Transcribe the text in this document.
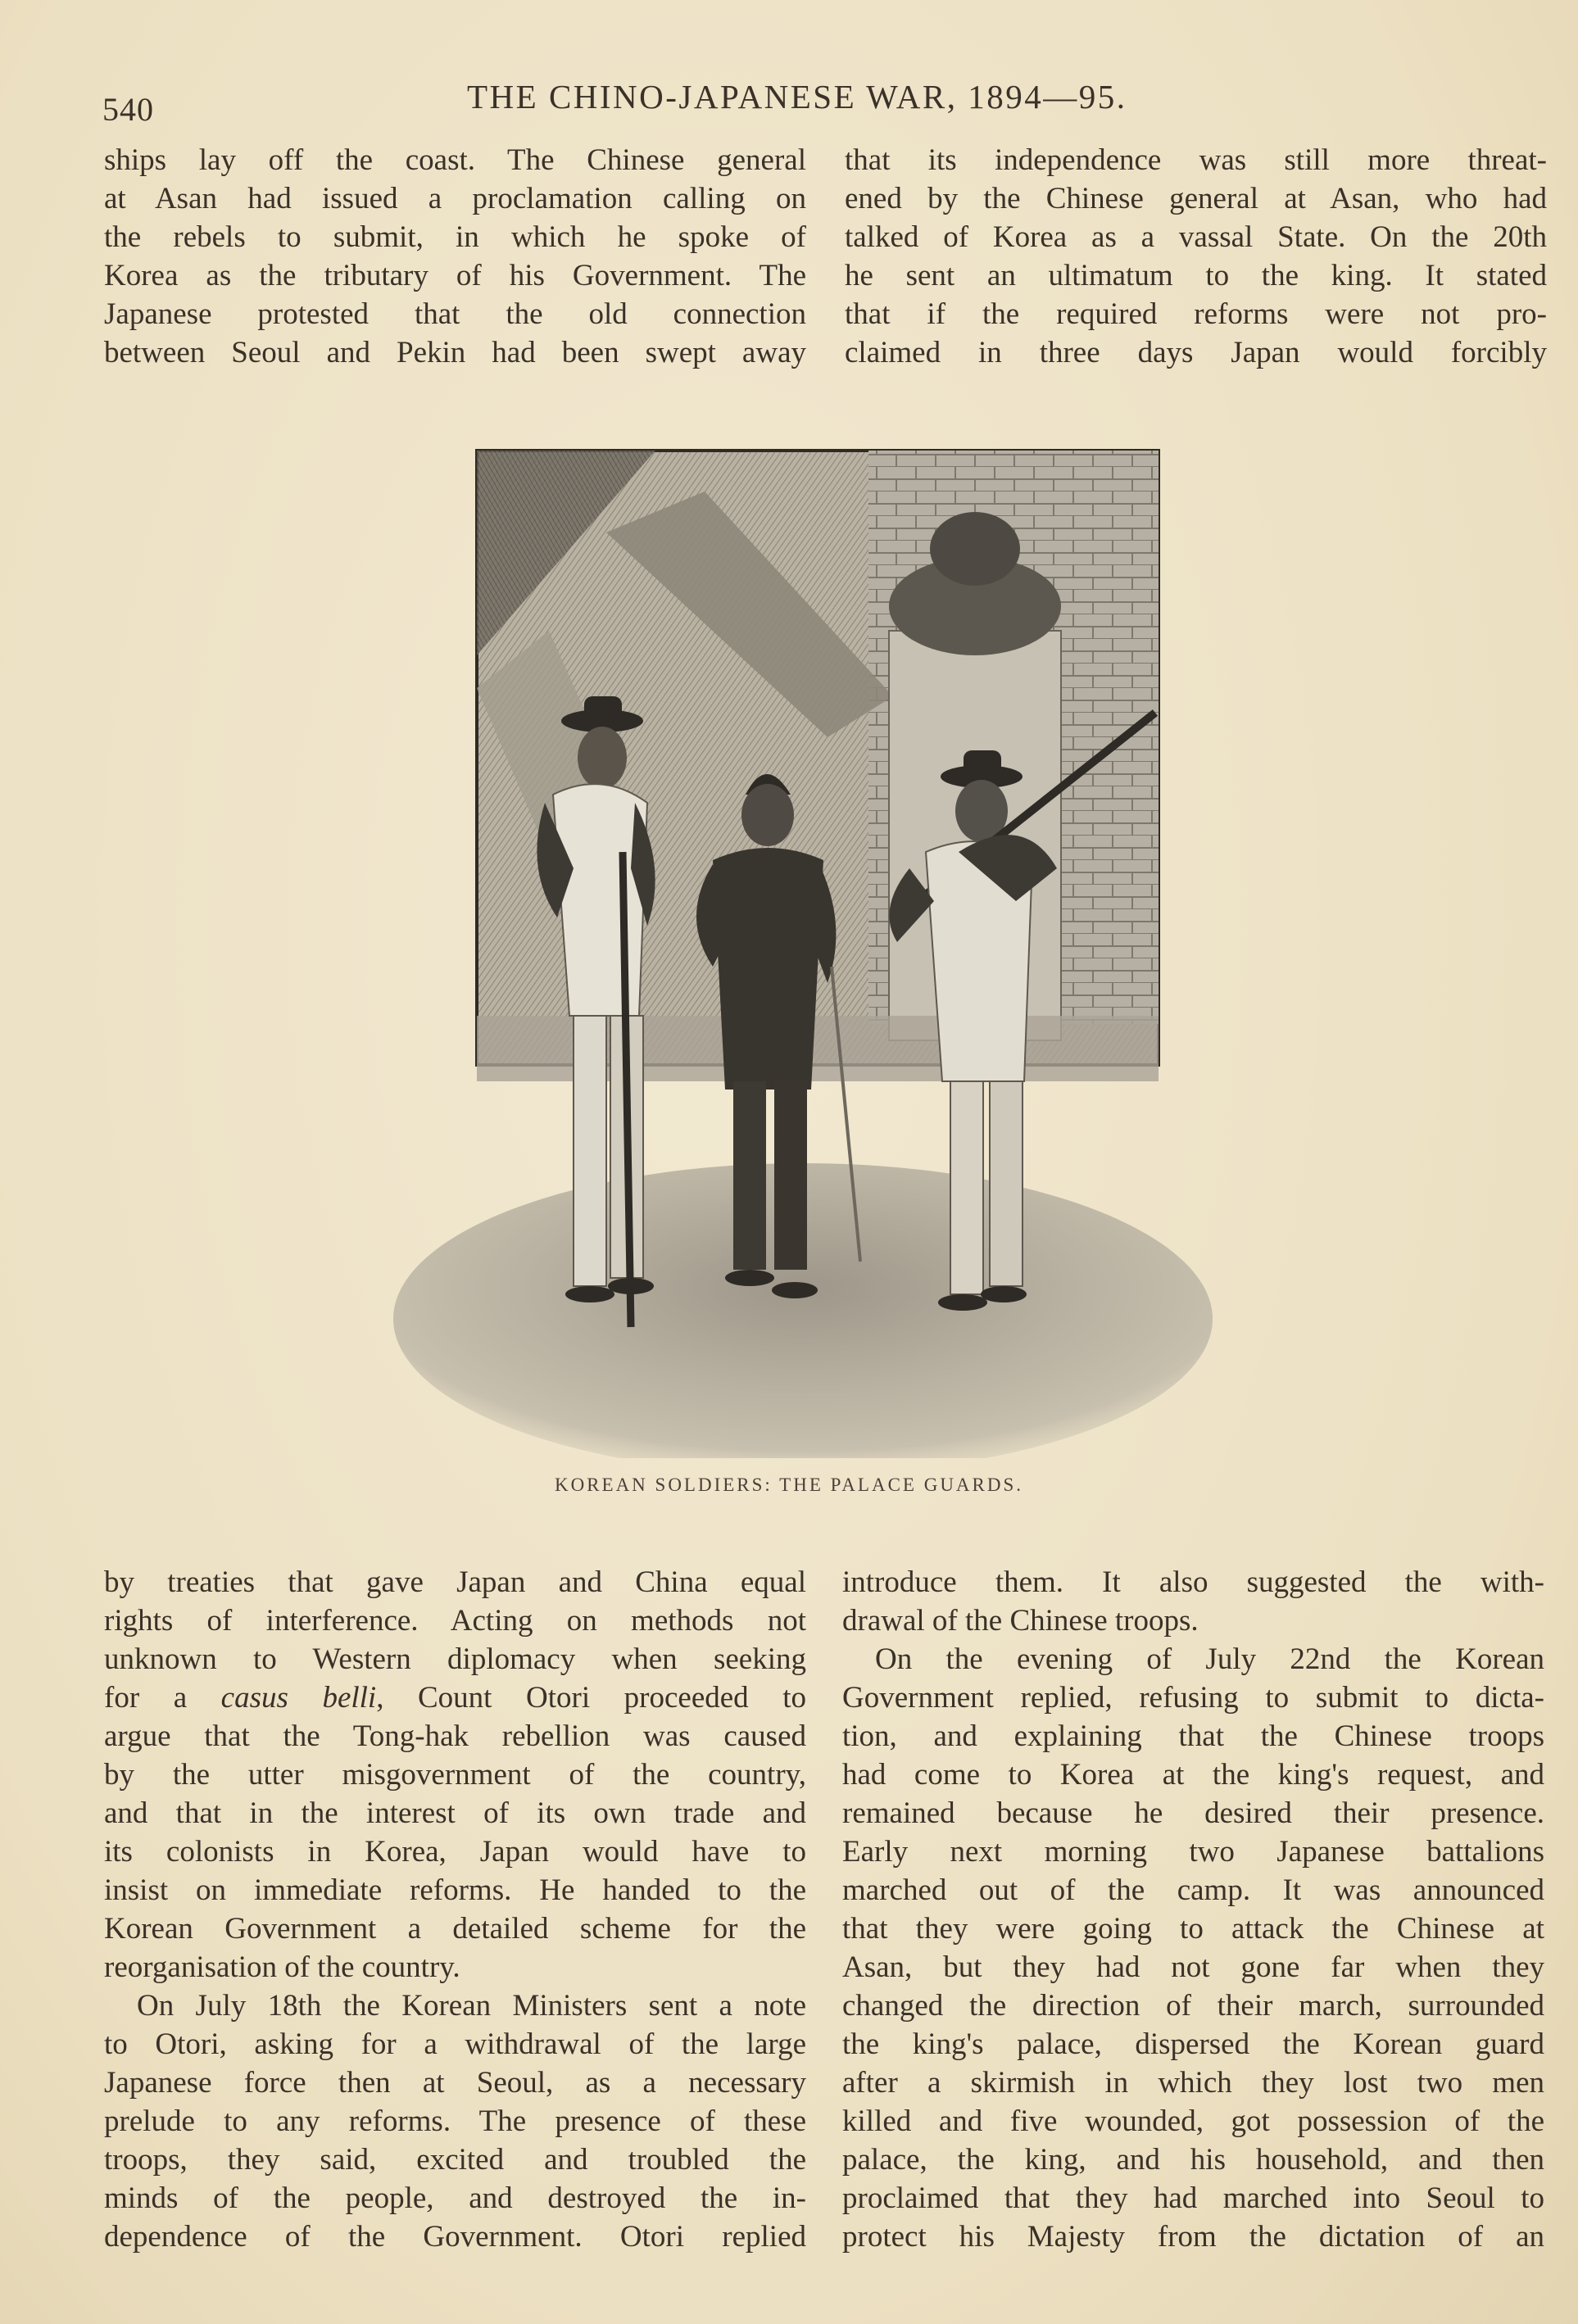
540	THE CHINO-JAPANESE WAR, 1894—95.
ships lay off the coast. The Chinese general
at Asan had issued a proclamation calling on
the rebels to submit, in which he spoke of
Korea as the tributary of his Government. The
Japanese protested that the old connection
between Seoul and Pekin had been swept away
that its independence was still more threat-
ened by the Chinese general at Asan, who had
talked of Korea as a vassal State. On the 20th
he sent an ultimatum to the king. It stated
that if the required reforms were not pro-
claimed in three days Japan would forcibly
KOREAN SOLDIERS: THE PALACE GUARDS.
by treaties that gave Japan and China equal
rights of interference. Acting on methods not
unknown to Western diplomacy when seeking
for a casus belli, Count Otori proceeded to
argue that the Tong-hak rebellion was caused
by the utter misgovernment of the country,
and that in the interest of its own trade and
its colonists in Korea, Japan would have to
insist on immediate reforms. He handed to the
Korean Government a detailed scheme for the
reorganisation of the country.
On July 18th the Korean Ministers sent a note
to Otori, asking for a withdrawal of the large
Japanese force then at Seoul, as a necessary
prelude to any reforms. The presence of these
troops, they said, excited and troubled the
minds of the people, and destroyed the in-
dependence of the Government. Otori replied
introduce them. It also suggested the with-
drawal of the Chinese troops.
On the evening of July 22nd the Korean
Government replied, refusing to submit to dicta-
tion, and explaining that the Chinese troops
had come to Korea at the king's request, and
remained because he desired their presence.
Early next morning two Japanese battalions
marched out of the camp. It was announced
that they were going to attack the Chinese at
Asan, but they had not gone far when they
changed the direction of their march, surrounded
the king's palace, dispersed the Korean guard
after a skirmish in which they lost two men
killed and five wounded, got possession of the
palace, the king, and his household, and then
proclaimed that they had marched into Seoul to
protect his Majesty from the dictation of an
